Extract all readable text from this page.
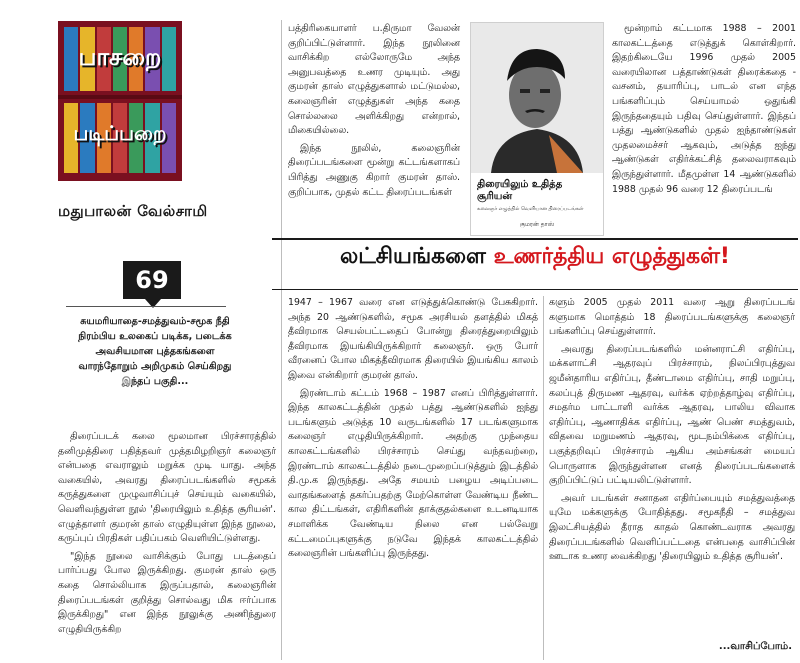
பாசறை
படிப்பறை
மதுபாலன் வேல்சாமி
69
சுயமரியாதை-சமத்துவம்-சமூக நீதி நிரம்பிய உலகைப் படிக்க, படைக்க அவசியமான புத்தகங்களை வாரந்தோறும் அறிமுகம் செய்கிறது இந்தப் பகுதி...

திரைப்படக் கலை மூலமான பிரச்சாரத்தில் தனிமுத்திரை பதித்தவர் முத்தமிழறிஞர் கலைஞர் என்பதை எவராலும் மறுக்க முடி யாது. அந்த வகையில், அவரது திரைப்படங்களில் சமூகக் கருத்துகளை முழுவாசிப்புச் செய்யும் வகையில், வெளிவந்துள்ள நூல் 'திரையிலும் உதித்த சூரியன்'. எழுத்தாளர் குமரன் தாஸ் எழுதியுள்ள இந்த நூலை, கருப்புப் பிரதிகள் பதிப்பகம் வெளியிட்டுள்ளது.

"இந்த நூலை வாசிக்கும் போது படத்தைப் பார்ப்பது போல இருக்கிறது. குமரன் தாஸ் ஒரு கதை சொல்லியாக இருப்பதால், கலைஞரின் திரைப்படங்கள் குறித்து சொல்வது மிக ஈர்ப்பாக இருக்கிறது" என இந்த நூலுக்கு அணிந்துரை எழுதியிருக்கிற

பத்திரிகையாளர் ப.திருமா வேலன் குறிப்பிட்டுள்ளார். இந்த நூலினை வாசிக்கிற எல்லோருமே அந்த அனுபவத்தை உணர முடியும். அது குமரன் தாஸ் எழுத்துகளால் மட்டுமல்ல, கலைஞரின் எழுத்துகள் அந்த கதை சொல்லலை அளிக்கிறது என்றால், மிகையில்லை.

இந்த நூலில், கலைஞரின் திரைப்படங்களை மூன்று கட்டங்களாகப் பிரித்து அணுகு கிறார் குமரன் தாஸ். குறிப்பாக, முதல் கட்ட திரைப்படங்கள்

திரையிலும் உதித்த சூரியன்
கலைஞர் எழுத்தில் வெளியான திரைப்படங்கள்
குமரன் தாஸ்

மூன்றாம் கட்டமாக 1988 – 2001 காலகட்டத்தை எடுத்துக் கொள்கிறார். இதற்கிடையே 1996 முதல் 2005 வரையிலான பத்தாண்டுகள் திரைக்கதை - வசனம், தயாரிப்பு, பாடல் என எந்த பங்களிப்பும் செய்யாமல் ஒதுங்கி இருந்ததையும் பதிவு செய்துள்ளார். இந்தப் பத்து ஆண்டுகளில் முதல் ஐந்தாண்டுகள் முதலமைச்சர் ஆகவும், அடுத்த ஐந்து ஆண்டுகள் எதிர்க்கட்சித் தலைவராகவும் இருந்துள்ளார். மீதமுள்ள 14 ஆண்டுகளில் 1988 முதல் 96 வரை 12 திரைப்படங்

லட்சியங்களை உணர்த்திய எழுத்துகள்!

1947 – 1967 வரை என எடுத்துக்கொண்டு பேசுகிறார். அந்த 20 ஆண்டுகளில், சமூக அரசியல் தளத்தில் மிகத் தீவிரமாக செயல்பட்டதைப் போன்று திரைத்துறையிலும் தீவிரமாக இயங்கியிருக்கிறார் கலைஞர். ஒரு போர் வீரனைப் போல மிகத்தீவிரமாக திரையில் இயங்கிய காலம் இவை என்கிறார் குமரன் தாஸ்.

இரண்டாம் கட்டம் 1968 – 1987 எனப் பிரித்துள்ளார். இந்த காலகட்டத்தின் முதல் பத்து ஆண்டுகளில் ஐந்து படங்களும் அடுத்த 10 வருடங்களில் 17 படங்களுமாக கலைஞர் எழுதியிருக்கிறார். அதற்கு முந்தைய காலகட்டங்களில் பிரச்சாரம் செய்து வந்தவற்றை, இரண்டாம் காலகட்டத்தில் நடைமுறைப்படுத்தும் இடத்தில் தி.மு.க இருந்தது. அதே சமயம் பழைய அடிப்படை வாதங்களைத் தகர்ப்பதற்கு மேற்கொள்ள வேண்டிய நீண்ட கால திட்டங்கள், எதிரிகளின் தாக்குதல்களை உடனடியாக சமாளிக்க வேண்டிய நிலை என பல்வேறு கட்டமைப்புகளுக்கு நடுவே இந்தக் காலகட்டத்தில் கலைஞரின் பங்களிப்பு இருந்தது.

களும் 2005 முதல் 2011 வரை ஆறு திரைப்படங் களுமாக மொத்தம் 18 திரைப்படங்களுக்கு கலைஞர் பங்களிப்பு செய்துள்ளார்.

அவரது திரைப்படங்களில் மன்னராட்சி எதிர்ப்பு, மக்களாட்சி ஆதரவுப் பிரச்சாரம், நிலப்பிரபுத்துவ ஜமீன்தாரிய எதிர்ப்பு, தீண்டாமை எதிர்ப்பு, சாதி மறுப்பு, கலப்புத் திருமண ஆதரவு, வர்க்க ஏற்றத்தாழ்வு எதிர்ப்பு, சமதர்ம பாட்டாளி வர்க்க ஆதரவு, பாலிய விவாக எதிர்ப்பு, ஆணாதிக்க எதிர்ப்பு, ஆண் பெண் சமத்துவம், விதவை மறுமணம் ஆதரவு, மூடநம்பிக்கை எதிர்ப்பு, பகுத்தறிவுப் பிரச்சாரம் ஆகிய அம்சங்கள் மையப் பொருளாக இருந்துள்ளன எனத் திரைப்படங்களைக் குறிப்பிட்டுப் பட்டியலிட்டுள்ளார்.

அவர் படங்கள் சனாதன எதிர்ப்பையும் சமத்துவத்தை யுமே மக்களுக்கு போதித்தது. சமூகநீதி – சமத்துவ இலட்சியத்தில் தீராத காதல் கொண்டவராக அவரது திரைப்படங்களில் வெளிப்பட்டதை என்பதை வாசிப்பின் ஊடாக உணர வைக்கிறது 'திரையிலும் உதித்த சூரியன்'.

...வாசிப்போம்.
